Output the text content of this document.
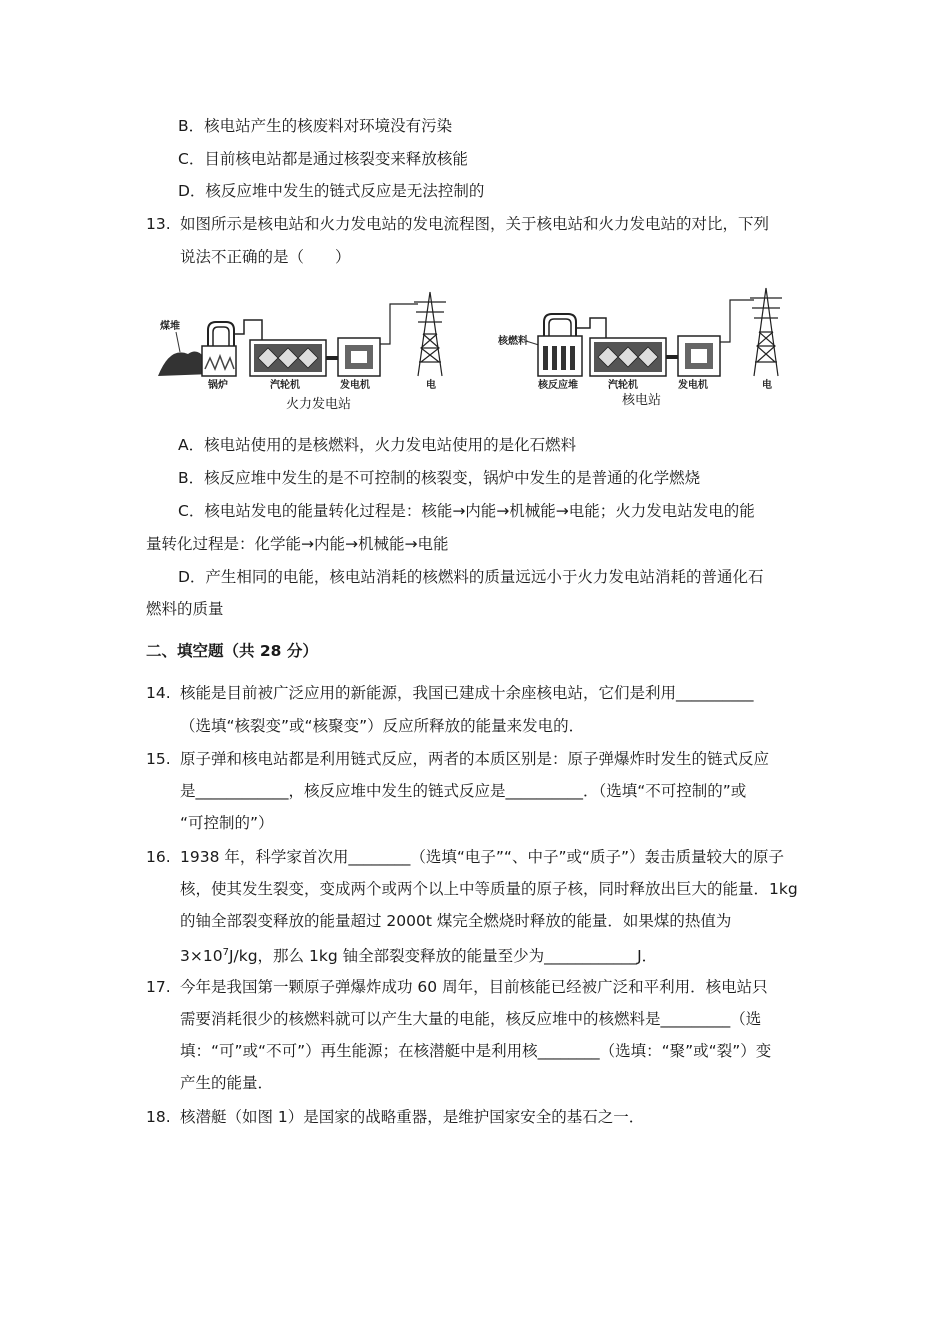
B．核电站产生的核废料对环境没有污染
C．目前核电站都是通过核裂变来释放核能
D．核反应堆中发生的链式反应是无法控制的
13. 如图所示是核电站和火力发电站的发电流程图，关于核电站和火力发电站的对比，下列
说法不正确的是（　　）
煤堆
锅炉	汽轮机	发电机	电
火力发电站
核燃料
核反应堆	汽轮机	发电机	电
核电站
A．核电站使用的是核燃料，火力发电站使用的是化石燃料
B．核反应堆中发生的是不可控制的核裂变，锅炉中发生的是普通的化学燃烧
C．核电站发电的能量转化过程是：核能→内能→机械能→电能；火力发电站发电的能
量转化过程是：化学能→内能→机械能→电能
D．产生相同的电能，核电站消耗的核燃料的质量远远小于火力发电站消耗的普通化石
燃料的质量
二、填空题（共 28 分）
14. 核能是目前被广泛应用的新能源，我国已建成十余座核电站，它们是利用__________
（选填“核裂变”或“核聚变”）反应所释放的能量来发电的．
15. 原子弹和核电站都是利用链式反应，两者的本质区别是：原子弹爆炸时发生的链式反应
是____________，核反应堆中发生的链式反应是__________．（选填“不可控制的”或
“可控制的”）
16. 1938 年，科学家首次用________（选填“电子”“、中子”或“质子”）轰击质量较大的原子
核，使其发生裂变，变成两个或两个以上中等质量的原子核，同时释放出巨大的能量．1kg
的铀全部裂变释放的能量超过 2000t 煤完全燃烧时释放的能量．如果煤的热值为
$3\times 10^7J/kg$，那么 1kg 铀全部裂变释放的能量至少为____________J．
17. 今年是我国第一颗原子弹爆炸成功 60 周年，目前核能已经被广泛和平利用．核电站只
需要消耗很少的核燃料就可以产生大量的电能，核反应堆中的核燃料是_________（选
填：“可”或“不可”）再生能源；在核潜艇中是利用核________（选填：“聚”或“裂”）变
产生的能量．
18. 核潜艇（如图 1）是国家的战略重器，是维护国家安全的基石之一．
